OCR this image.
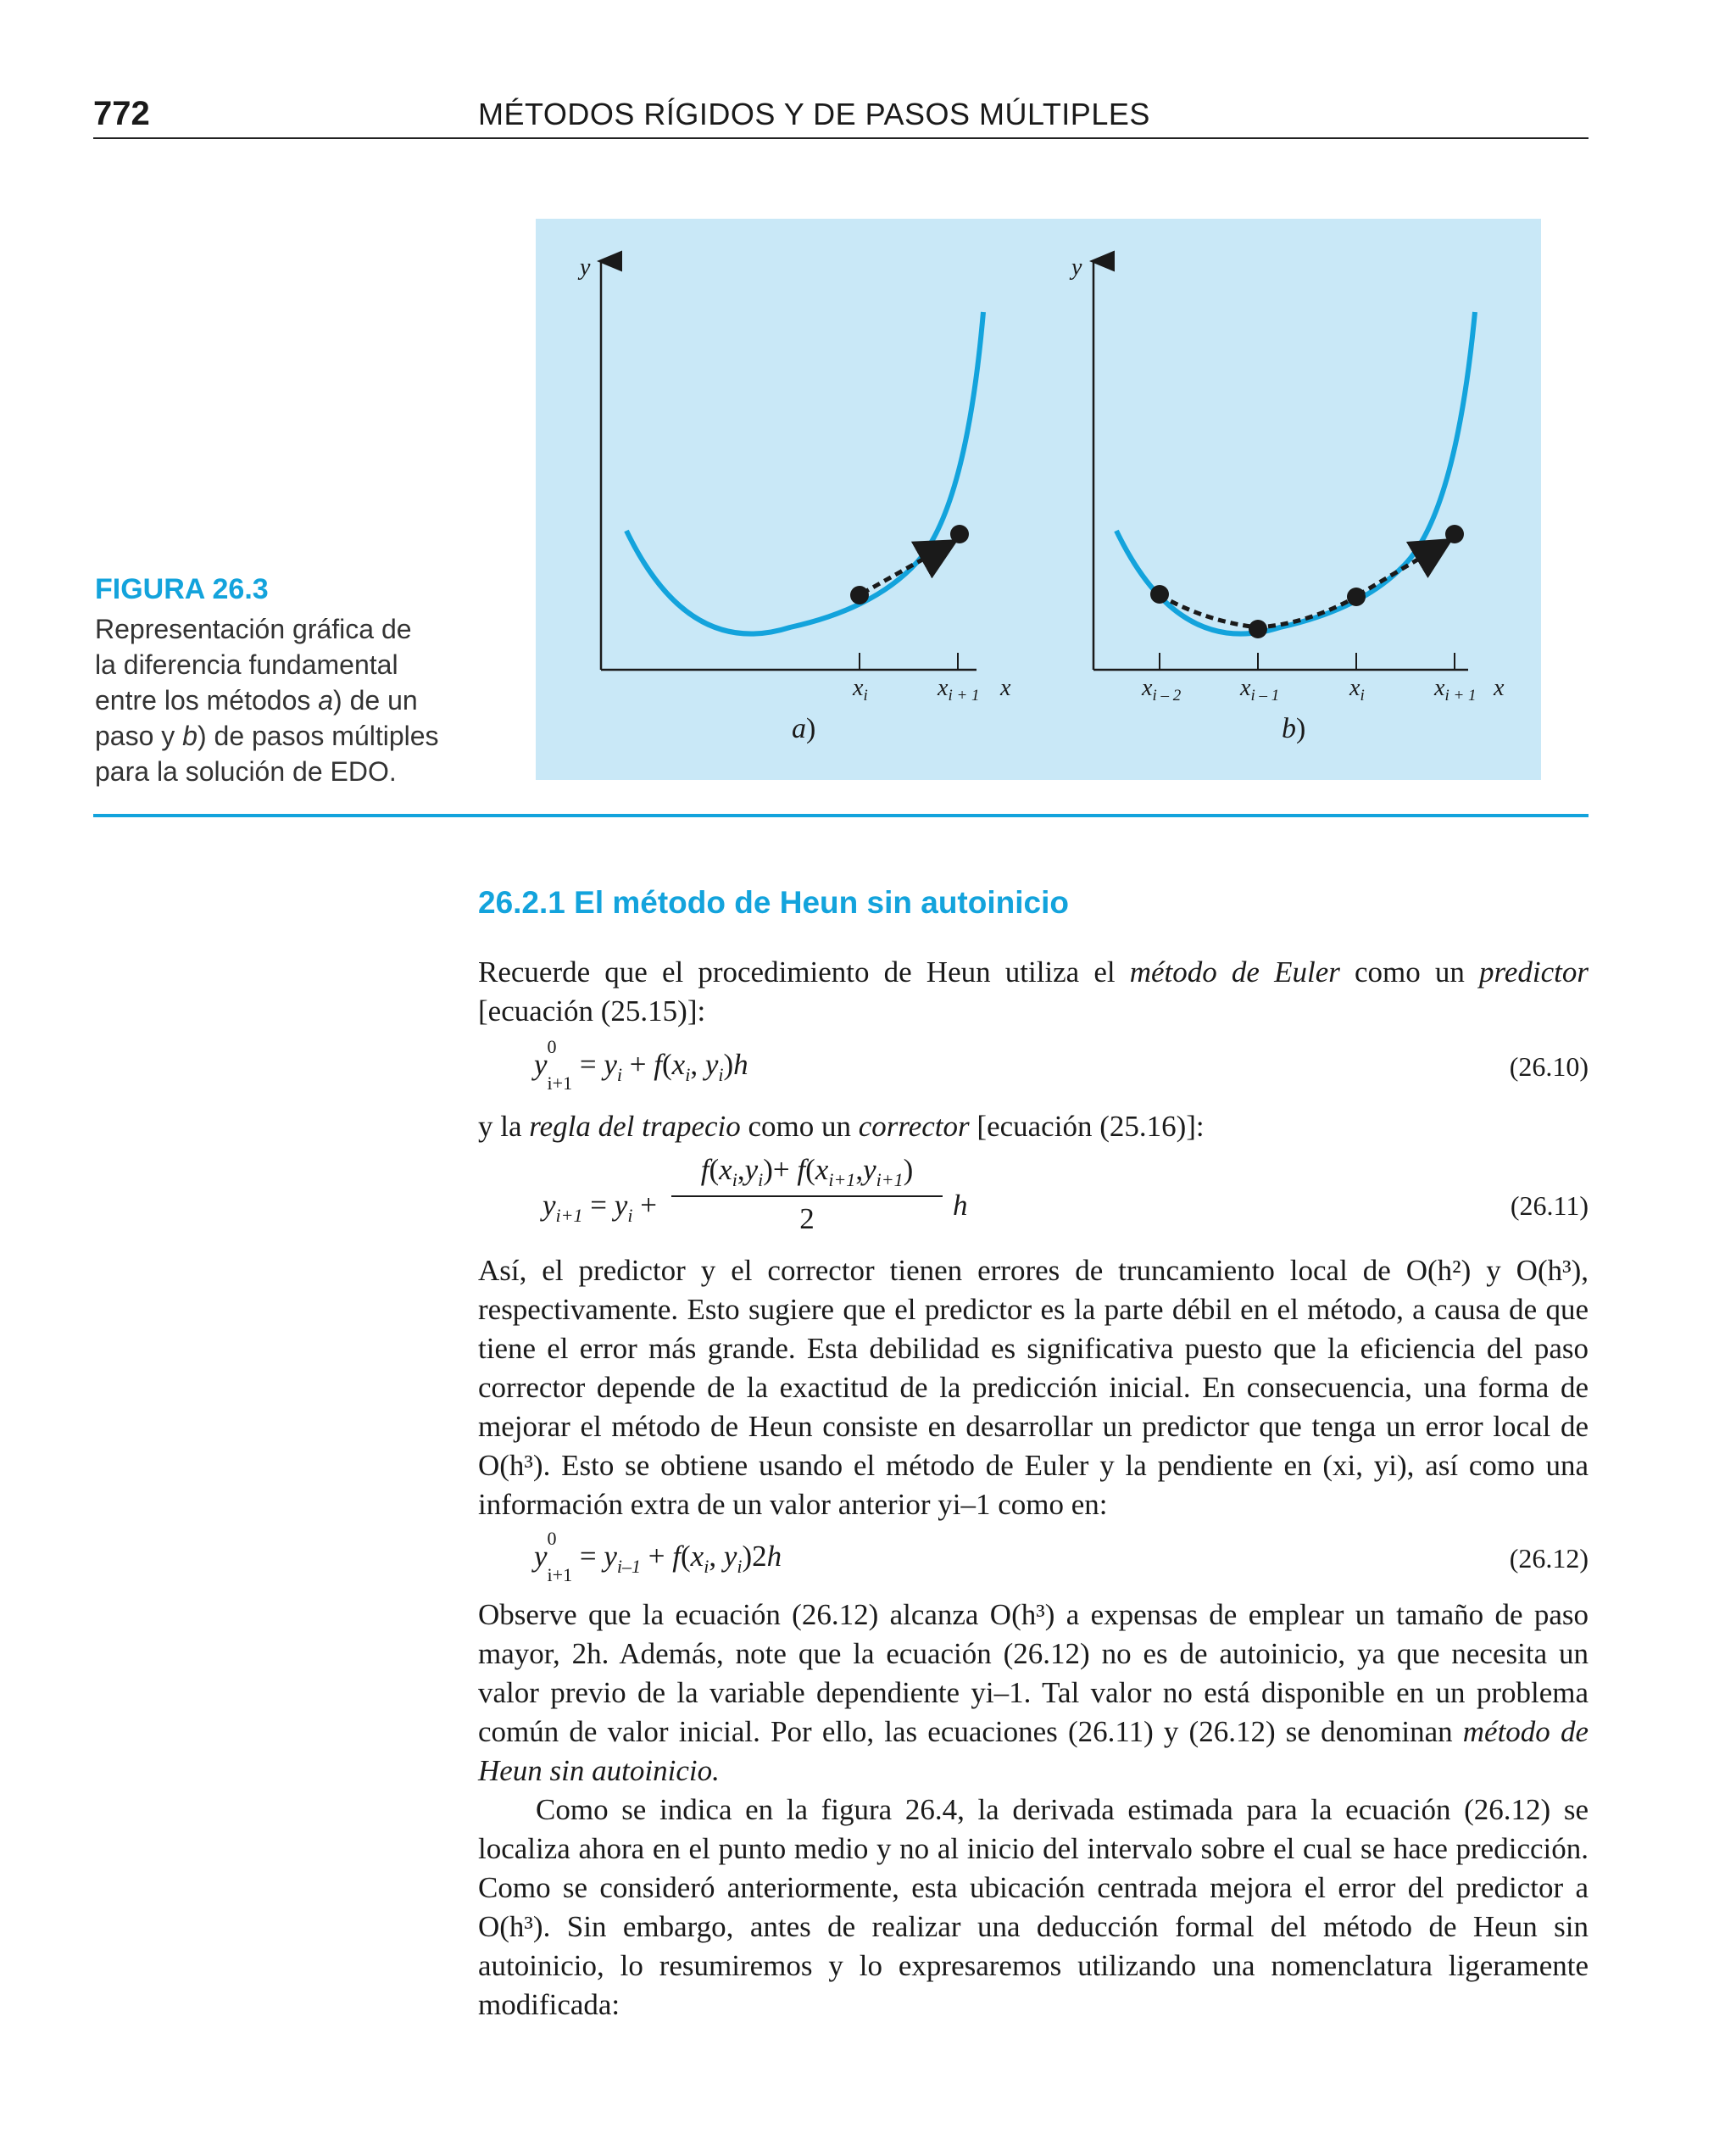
772	MÉTODOS RÍGIDOS Y DE PASOS MÚLTIPLES
y
$x_i$	$x_{i + 1}$ x
a)
y
$x_{i - 2}$ $x_{i - 1}$	$x_i$	$x_{i + 1}$ x
b)
FIGURA 26.3
Representación gráfica de
la diferencia fundamental
entre los métodos a) de un
paso y b) de pasos múltiples
para la solución de EDO.
26.2.1 El método de Heun sin autoinicio
Recuerde que el procedimiento de Heun utiliza el método de Euler como un predictor [ecuación (25.15)]:
y
0
$_{i+1} = y_i + f(x_i$, $y_i)h$	(26.10)
y la regla del trapecio como un corrector [ecuación (25.16)]:
$y_{i+1} = y_i$ +
$f(x_i,y_i)+ f(x_{i+1},y_{i+1})$
2	h	(26.11)
Así, el predictor y el corrector tienen errores de truncamiento local de O(h²) y O(h³), respectivamente. Esto sugiere que el predictor es la parte débil en el método, a causa de que tiene el error más grande. Esta debilidad es significativa puesto que la eficiencia del paso corrector depende de la exactitud de la predicción inicial. En consecuencia, una forma de mejorar el método de Heun consiste en desarrollar un predictor que tenga un error local de O(h³). Esto se obtiene usando el método de Euler y la pendiente en (xi, yi), así como una información extra de un valor anterior yi–1 como en:
y
0
$_{i+1} = y_{i-1} + f(x_i$, $y_i)2h$	(26.12)
Observe que la ecuación (26.12) alcanza O(h³) a expensas de emplear un tamaño de paso mayor, 2h. Además, note que la ecuación (26.12) no es de autoinicio, ya que necesita un valor previo de la variable dependiente yi–1. Tal valor no está disponible en un problema común de valor inicial. Por ello, las ecuaciones (26.11) y (26.12) se denominan método de Heun sin autoinicio.
Como se indica en la figura 26.4, la derivada estimada para la ecuación (26.12) se localiza ahora en el punto medio y no al inicio del intervalo sobre el cual se hace predicción. Como se consideró anteriormente, esta ubicación centrada mejora el error del predictor a O(h³). Sin embargo, antes de realizar una deducción formal del método de Heun sin autoinicio, lo resumiremos y lo expresaremos utilizando una nomenclatura ligeramente modificada:
